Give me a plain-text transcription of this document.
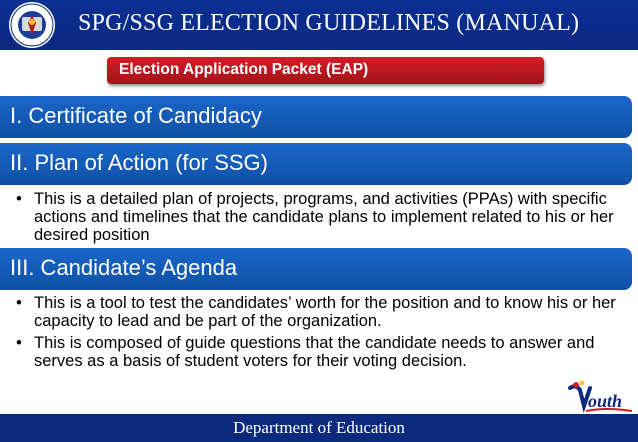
SPG/SSG ELECTION GUIDELINES (MANUAL)
Election Application Packet (EAP)
I. Certificate of Candidacy
II. Plan of Action (for SSG)
• This is a detailed plan of projects, programs, and activities (PPAs) with specific actions and timelines that the candidate plans to implement related to his or her desired position
III. Candidate’s Agenda
• This is a tool to test the candidates’ worth for the position and to know his or her capacity to lead and be part of the organization.
• This is composed of guide questions that the candidate needs to answer and serves as a basis of student voters for their voting decision.
outh
Department of Education
